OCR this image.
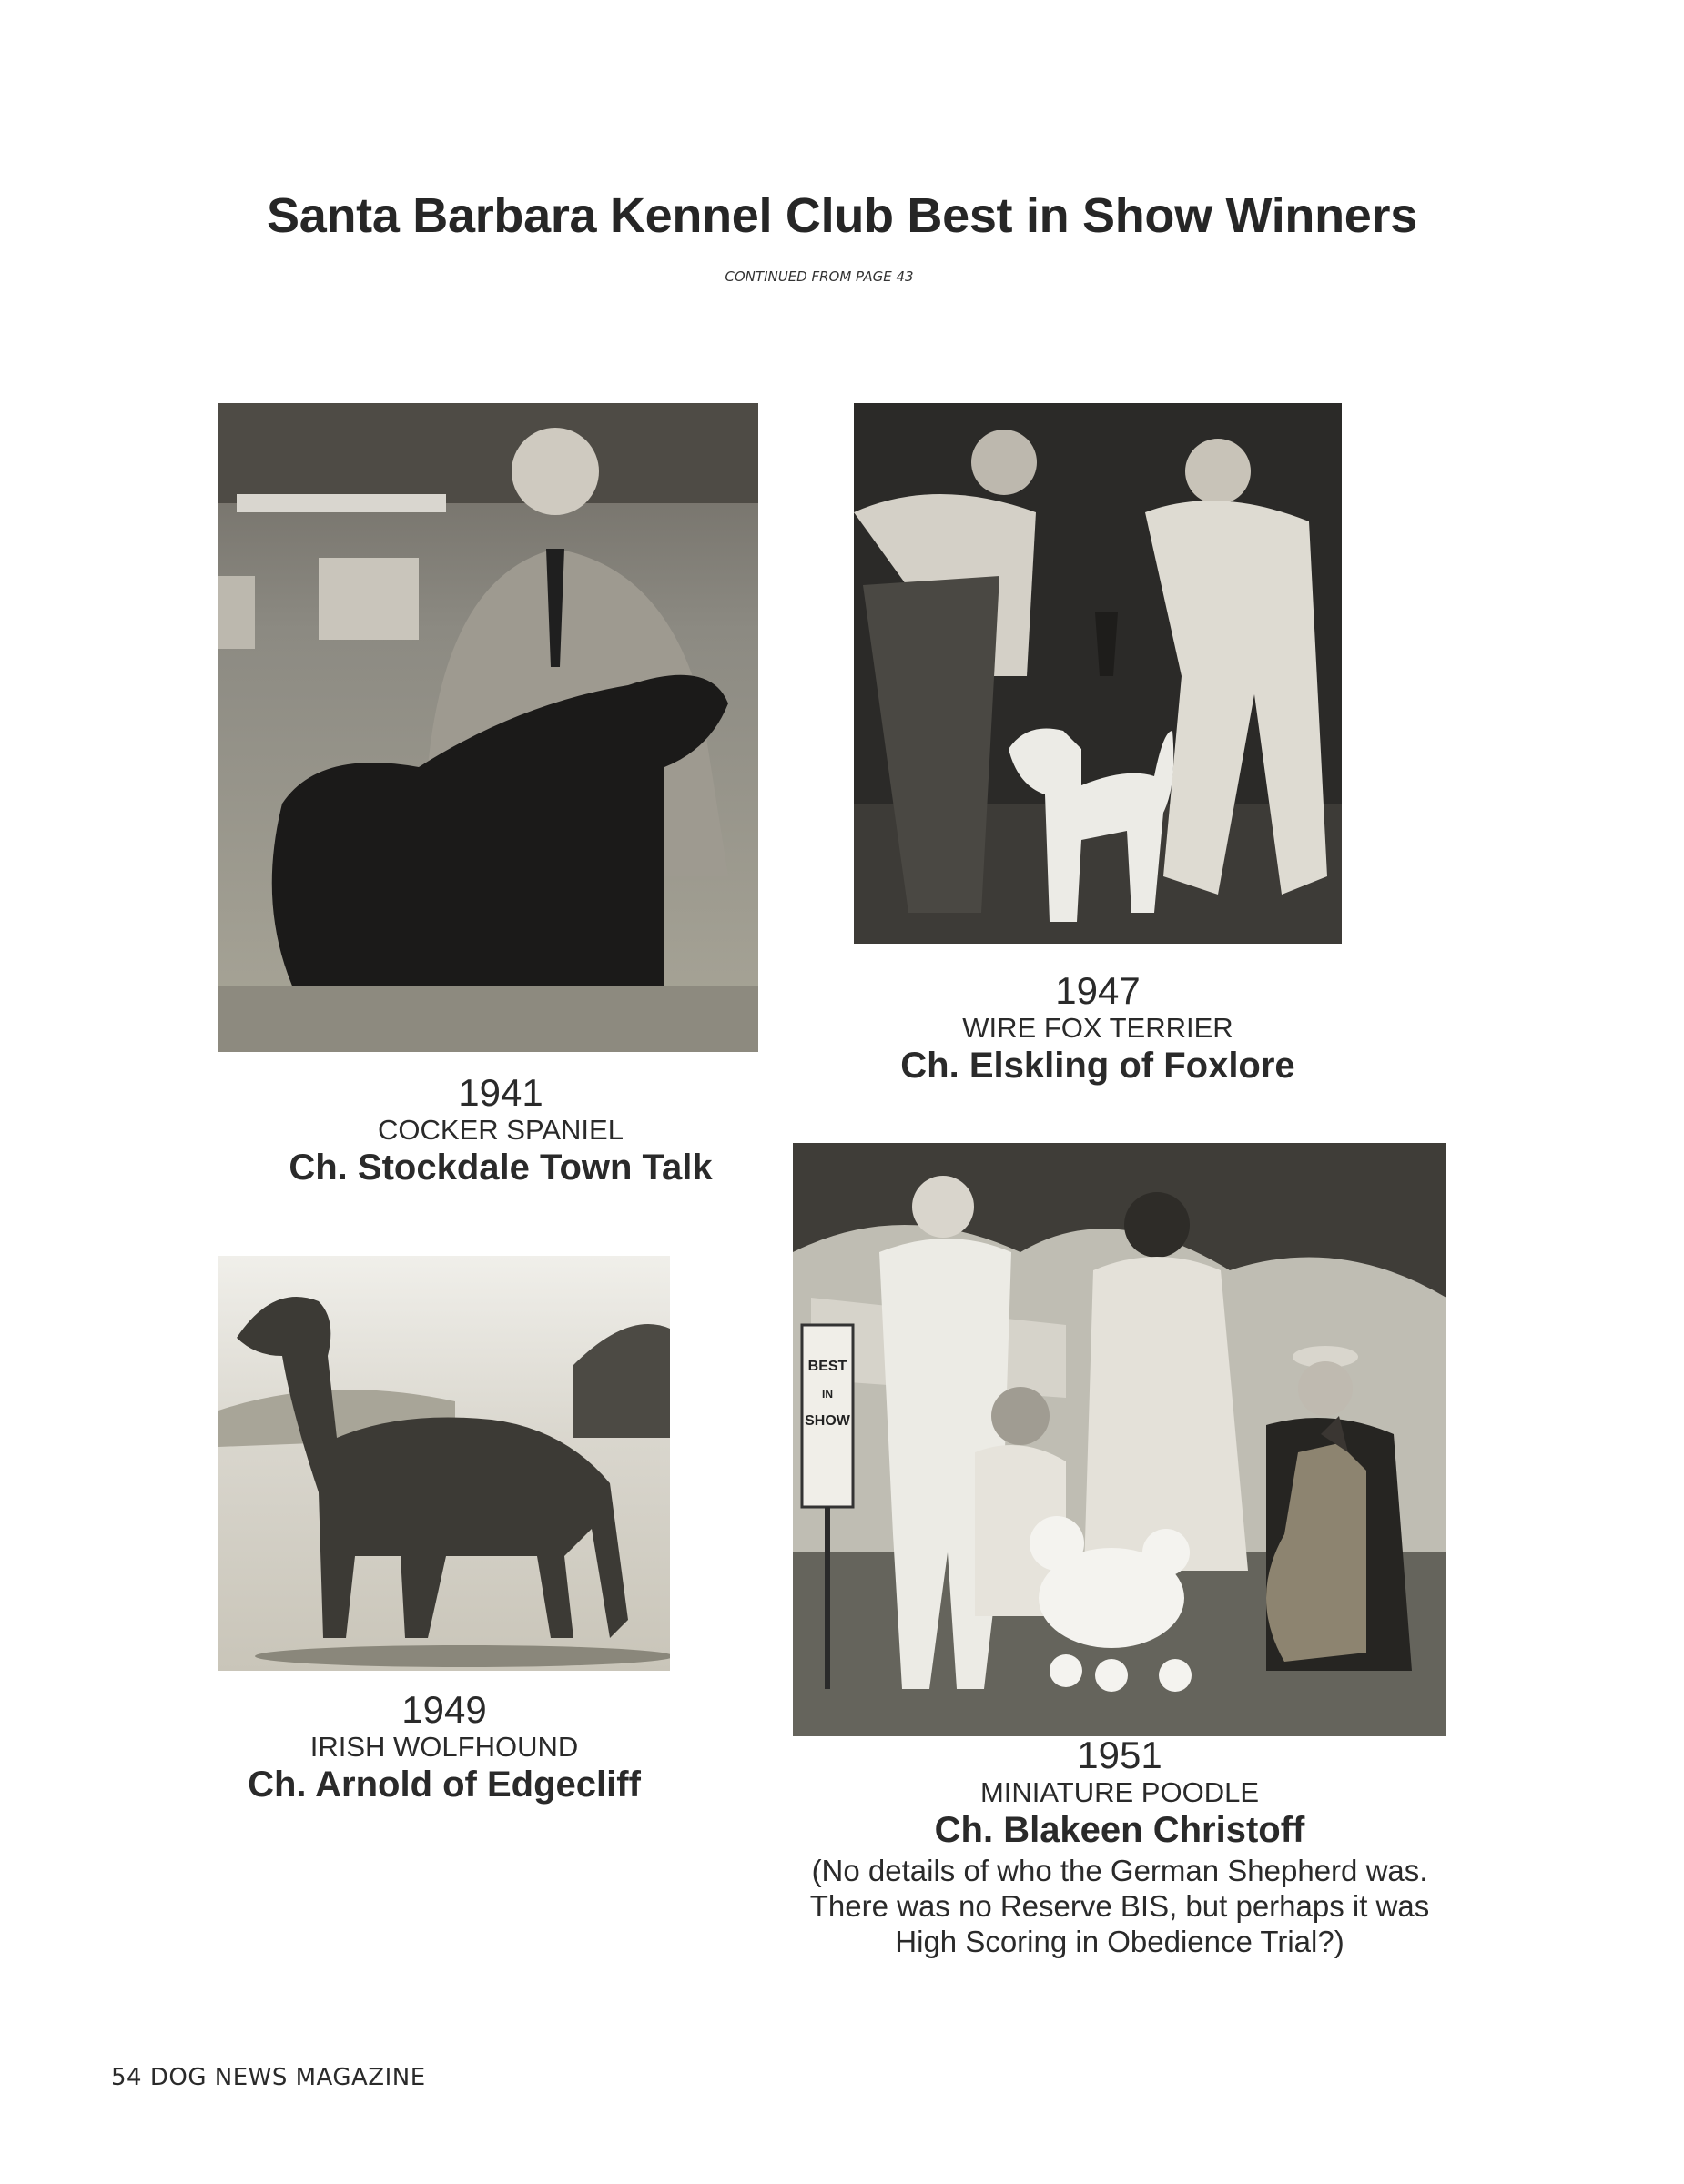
Santa Barbara Kennel Club Best in Show Winners
CONTINUED FROM PAGE 43
1941
COCKER SPANIEL
Ch. Stockdale Town Talk
1947
WIRE FOX TERRIER
Ch. Elskling of Foxlore
1949
IRISH WOLFHOUND
Ch. Arnold of Edgecliff
BEST
IN
SHOW
1951
MINIATURE POODLE
Ch. Blakeen Christoff
(No details of who the German Shepherd was.
There was no Reserve BIS, but perhaps it was
High Scoring in Obedience Trial?)
54 DOG NEWS MAGAZINE
